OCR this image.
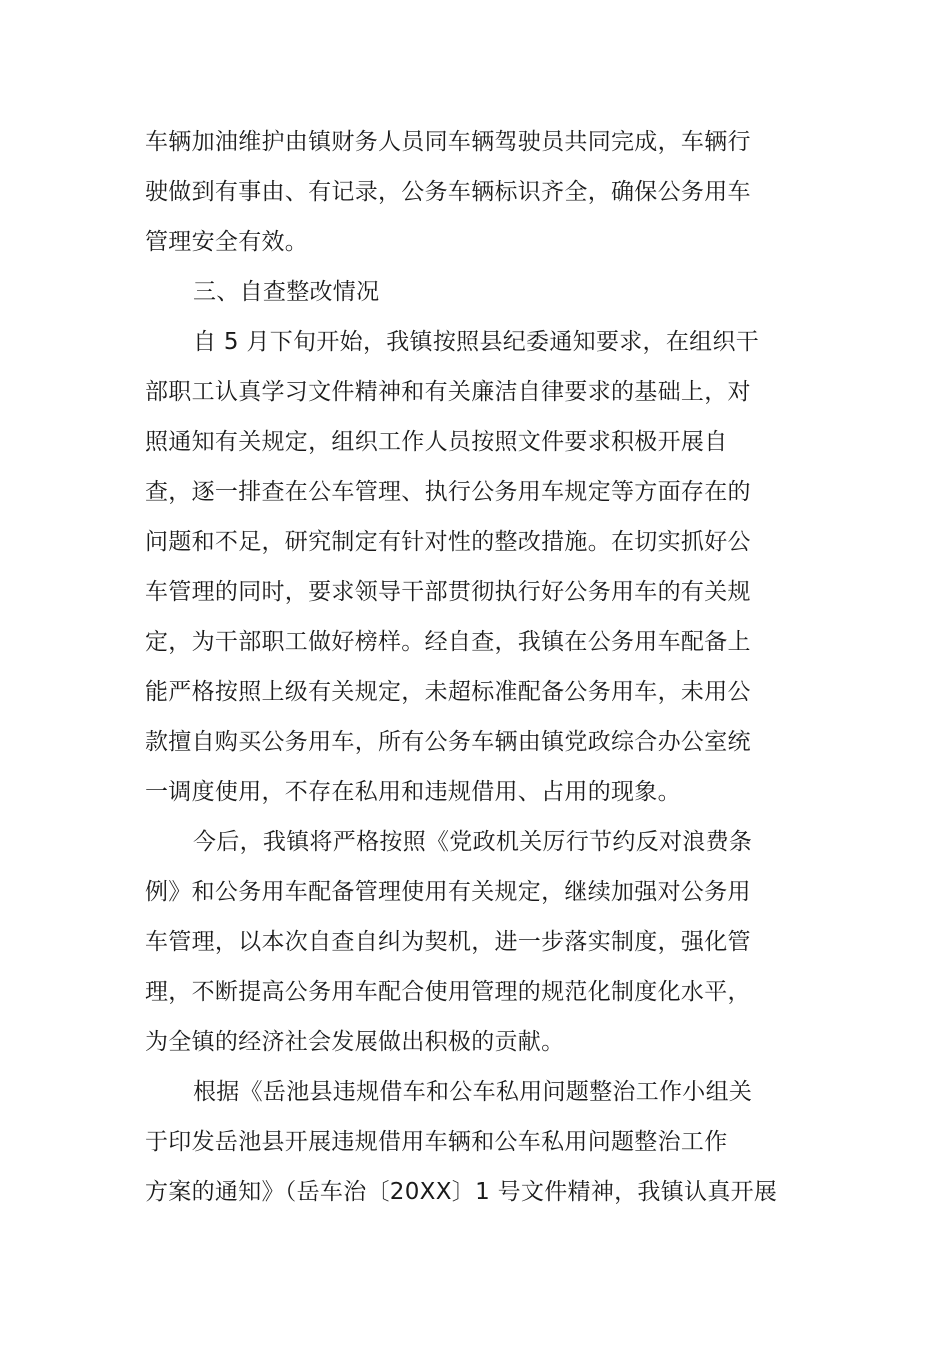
车辆加油维护由镇财务人员同车辆驾驶员共同完成，车辆行
驶做到有事由、有记录，公务车辆标识齐全，确保公务用车
管理安全有效。
三、自查整改情况
自 5 月下旬开始，我镇按照县纪委通知要求，在组织干
部职工认真学习文件精神和有关廉洁自律要求的基础上，对
照通知有关规定，组织工作人员按照文件要求积极开展自
查，逐一排查在公车管理、执行公务用车规定等方面存在的
问题和不足，研究制定有针对性的整改措施。在切实抓好公
车管理的同时，要求领导干部贯彻执行好公务用车的有关规
定，为干部职工做好榜样。经自查，我镇在公务用车配备上
能严格按照上级有关规定，未超标准配备公务用车，未用公
款擅自购买公务用车，所有公务车辆由镇党政综合办公室统
一调度使用，不存在私用和违规借用、占用的现象。
今后，我镇将严格按照《党政机关厉行节约反对浪费条
例》和公务用车配备管理使用有关规定，继续加强对公务用
车管理，以本次自查自纠为契机，进一步落实制度，强化管
理，不断提高公务用车配合使用管理的规范化制度化水平，
为全镇的经济社会发展做出积极的贡献。
根据《岳池县违规借车和公车私用问题整治工作小组关
于印发岳池县开展违规借用车辆和公车私用问题整治工作
方案的通知》（岳车治〔20XX〕1 号文件精神，我镇认真开展
